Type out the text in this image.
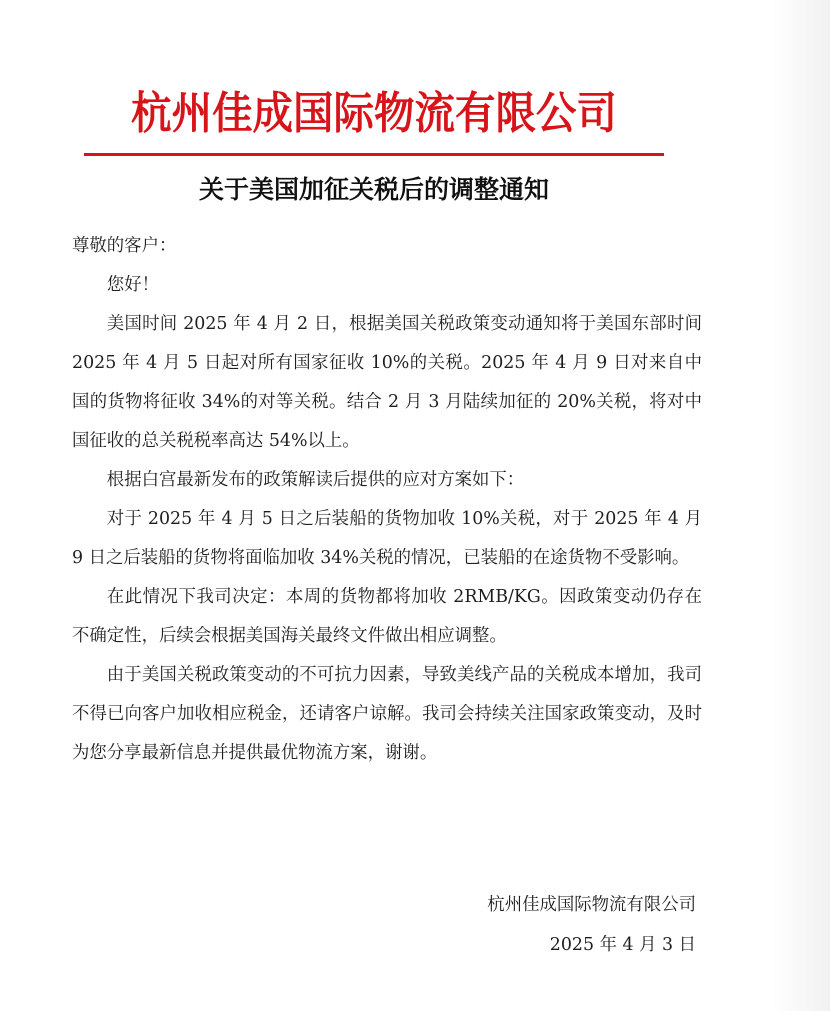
杭州佳成国际物流有限公司
关于美国加征关税后的调整通知

尊敬的客户：

您好！

美国时间 2025 年 4 月 2 日，根据美国关税政策变动通知将于美国东部时间 2025 年 4 月 5 日起对所有国家征收 10%的关税。2025 年 4 月 9 日对来自中国的货物将征收 34%的对等关税。结合 2 月 3 月陆续加征的 20%关税，将对中国征收的总关税税率高达 54%以上。

根据白宫最新发布的政策解读后提供的应对方案如下：

对于 2025 年 4 月 5 日之后装船的货物加收 10%关税，对于 2025 年 4 月 9 日之后装船的货物将面临加收 34%关税的情况，已装船的在途货物不受影响。

在此情况下我司决定：本周的货物都将加收 2RMB/KG。因政策变动仍存在不确定性，后续会根据美国海关最终文件做出相应调整。

由于美国关税政策变动的不可抗力因素，导致美线产品的关税成本增加，我司不得已向客户加收相应税金，还请客户谅解。我司会持续关注国家政策变动，及时为您分享最新信息并提供最优物流方案，谢谢。

杭州佳成国际物流有限公司
2025 年 4 月 3 日
